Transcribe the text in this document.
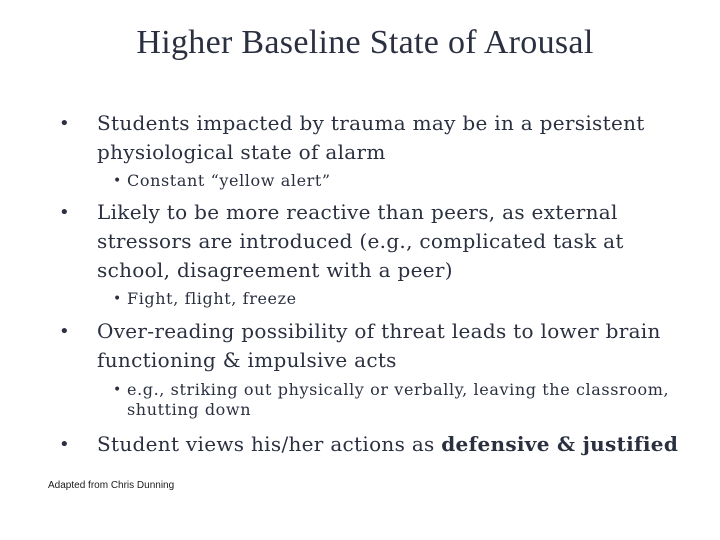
Higher Baseline State of Arousal
• Students impacted by trauma may be in a persistent physiological state of alarm
• Constant “yellow alert”
• Likely to be more reactive than peers, as external stressors are introduced (e.g., complicated task at school, disagreement with a peer)
• Fight, flight, freeze
• Over-reading possibility of threat leads to lower brain functioning & impulsive acts
• e.g., striking out physically or verbally, leaving the classroom, shutting down
• Student views his/her actions as defensive & justified
Adapted from Chris Dunning
